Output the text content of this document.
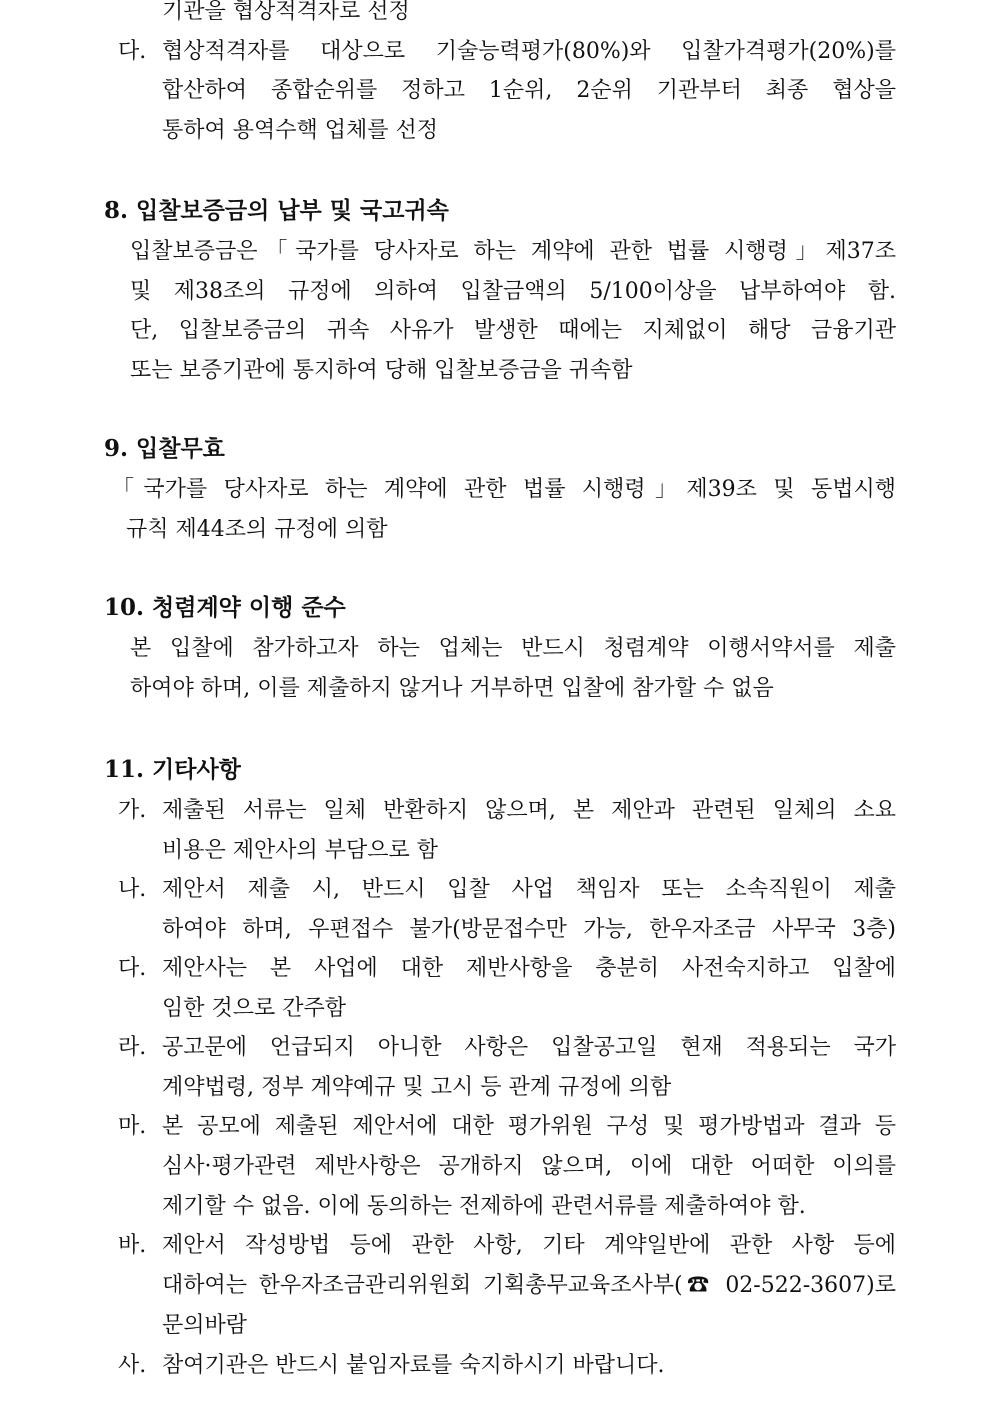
기관을 협상적격자로 선정
다. 협상적격자를 대상으로 기술능력평가(80%)와 입찰가격평가(20%)를
합산하여 종합순위를 정하고 1순위, 2순위 기관부터 최종 협상을
통하여 용역수핵 업체를 선정
8. 입찰보증금의 납부 및 국고귀속
입찰보증금은「국가를 당사자로 하는 계약에 관한 법률 시행령」제37조
및 제38조의 규정에 의하여 입찰금액의 5/100이상을 납부하여야 함.
단, 입찰보증금의 귀속 사유가 발생한 때에는 지체없이 해당 금융기관
또는 보증기관에 통지하여 당해 입찰보증금을 귀속함
9. 입찰무효
「국가를 당사자로 하는 계약에 관한 법률 시행령」제39조 및 동법시행
규칙 제44조의 규정에 의함
10. 청렴계약 이행 준수
본 입찰에 참가하고자 하는 업체는 반드시 청렴계약 이행서약서를 제출
하여야 하며, 이를 제출하지 않거나 거부하면 입찰에 참가할 수 없음
11. 기타사항
가. 제출된 서류는 일체 반환하지 않으며, 본 제안과 관련된 일체의 소요
비용은 제안사의 부담으로 함
나. 제안서 제출 시, 반드시 입찰 사업 책임자 또는 소속직원이 제출
하여야 하며, 우편접수 불가(방문접수만 가능, 한우자조금 사무국 3층)
다. 제안사는 본 사업에 대한 제반사항을 충분히 사전숙지하고 입찰에
임한 것으로 간주함
라. 공고문에 언급되지 아니한 사항은 입찰공고일 현재 적용되는 국가
계약법령, 정부 계약예규 및 고시 등 관계 규정에 의함
마. 본 공모에 제출된 제안서에 대한 평가위원 구성 및 평가방법과 결과 등
심사·평가관련 제반사항은 공개하지 않으며, 이에 대한 어떠한 이의를
제기할 수 없음. 이에 동의하는 전제하에 관련서류를 제출하여야 함.
바. 제안서 작성방법 등에 관한 사항, 기타 계약일반에 관한 사항 등에
대하여는 한우자조금관리위원회 기획총무교육조사부(☎ 02-522-3607)로
문의바람
사. 참여기관은 반드시 붙임자료를 숙지하시기 바랍니다.
